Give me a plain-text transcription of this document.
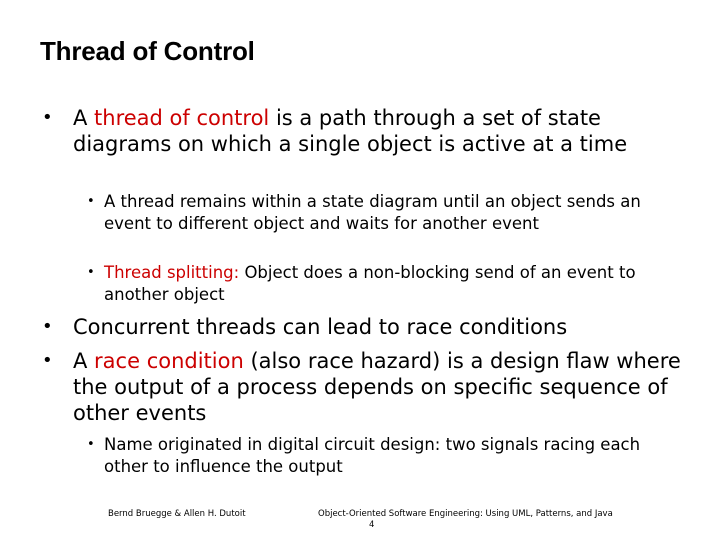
Thread of Control
• A thread of control is a path through a set of state diagrams on which a single object is active at a time
• A thread remains within a state diagram until an object sends an event to different object and waits for another event
• Thread splitting: Object does a non-blocking send of an event to another object
• Concurrent threads can lead to race conditions
• A race condition (also race hazard) is a design flaw where the output of a process depends on specific sequence of other events
• Name originated in digital circuit design: two signals racing each other to influence the output
Bernd Bruegge & Allen H. Dutoit	Object-Oriented Software Engineering: Using UML, Patterns, and Java
4
